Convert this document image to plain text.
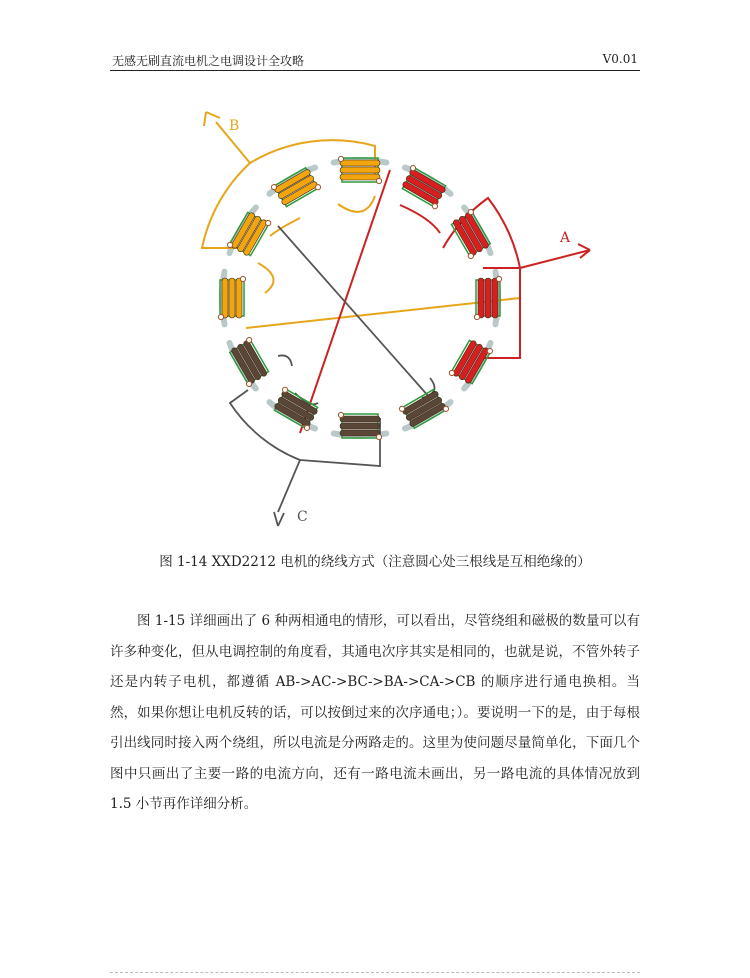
无感无刷直流电机之电调设计全攻略	V0.01
B
A
C
图 1-14 XXD2212 电机的绕线方式（注意圆心处三根线是互相绝缘的）

图 1-15 详细画出了 6 种两相通电的情形，可以看出，尽管绕组和磁极的数量可以有许多种变化，但从电调控制的角度看，其通电次序其实是相同的，也就是说，不管外转子还是内转子电机，都遵循 AB->AC->BC->BA->CA->CB 的顺序进行通电换相。当然，如果你想让电机反转的话，可以按倒过来的次序通电；）。要说明一下的是，由于每根引出线同时接入两个绕组，所以电流是分两路走的。这里为使问题尽量简单化，下面几个图中只画出了主要一路的电流方向，还有一路电流未画出，另一路电流的具体情况放到 1.5 小节再作详细分析。
